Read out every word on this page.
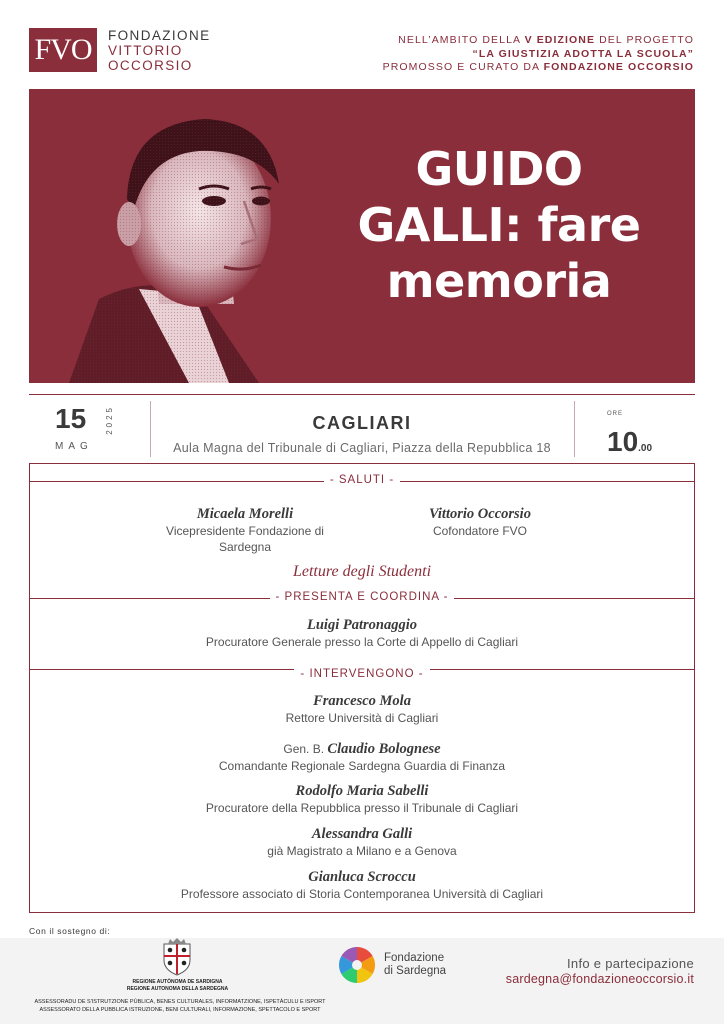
FVO FONDAZIONE
VITTORIO
OCCORSIO
NELL’AMBITO DELLA V EDIZIONE DEL PROGETTO
“LA GIUSTIZIA ADOTTA LA SCUOLA”
PROMOSSO E CURATO DA FONDAZIONE OCCORSIO
GUIDO
GALLI: fare
memoria
15
MAG
2025	CAGLIARI
Aula Magna del Tribunale di Cagliari, Piazza della Repubblica 18
ORE
10.00
- SALUTI -
Micaela Morelli
Vicepresidente Fondazione di
Sardegna
Vittorio Occorsio
Cofondatore FVO
Letture degli Studenti
- PRESENTA E COORDINA -
Luigi Patronaggio
Procuratore Generale presso la Corte di Appello di Cagliari
- INTERVENGONO -
Francesco Mola
Rettore Università di Cagliari
Gen. B. Claudio Bolognese
Comandante Regionale Sardegna Guardia di Finanza
Rodolfo Maria Sabelli
Procuratore della Repubblica presso il Tribunale di Cagliari
Alessandra Galli
già Magistrato a Milano e a Genova
Gianluca Scroccu
Professore associato di Storia Contemporanea Università di Cagliari
Con il sostegno di:
REGIONE AUTÒNOMA DE SARDIGNA
REGIONE AUTONOMA DELLA SARDEGNA
ASSESSORADU DE S'ISTRUTZIONE PÙBLICA, BENES CULTURALES, INFORMATZIONE, ISPETÀCULU E ISPORT
ASSESSORATO DELLA PUBBLICA ISTRUZIONE, BENI CULTURALI, INFORMAZIONE, SPETTACOLO E SPORT
Fondazione
di Sardegna	Info e partecipazione
sardegna@fondazioneoccorsio.it
